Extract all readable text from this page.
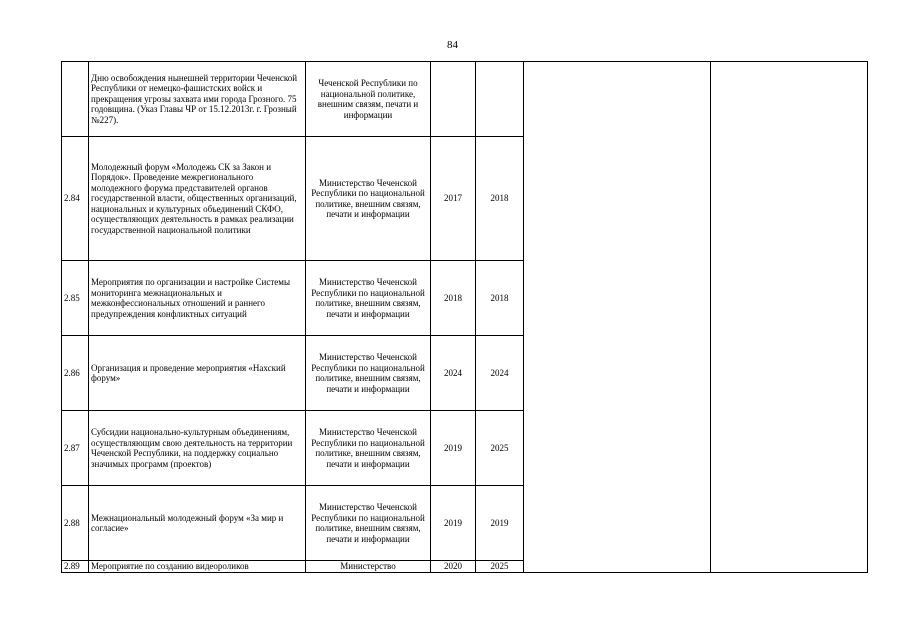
84
	Дню освобождения нынешней территории Чеченской Республики от немецко-фашистских войск и прекращения угрозы захвата ими города Грозного. 75 годовщина. (Указ Главы ЧР от 15.12.2013г. г. Грозный №227).	Чеченской Республики по национальной политике, внешним связям, печати и информации				
2.84	Молодежный форум «Молодежь СК за Закон и Порядок». Проведение межрегионального молодежного форума представителей органов государственной власти, общественных организаций, национальных и культурных объединений СКФО, осуществляющих деятельность в рамках реализации государственной национальной политики	Министерство Чеченской Республики по национальной политике, внешним связям, печати и информации	2017	2018		
2.85	Мероприятия по организации и настройке Системы мониторинга межнациональных и межконфессиональных отношений и раннего предупреждения конфликтных ситуаций	Министерство Чеченской Республики по национальной политике, внешним связям, печати и информации	2018	2018		
2.86	Организация и проведение мероприятия «Нахский форум»	Министерство Чеченской Республики по национальной политике, внешним связям, печати и информации	2024	2024		
2.87	Субсидии национально-культурным объединениям, осуществляющим свою деятельность на территории Чеченской Республики, на поддержку социально значимых программ (проектов)	Министерство Чеченской Республики по национальной политике, внешним связям, печати и информации	2019	2025		
2.88	Межнациональный молодежный форум «За мир и согласие»	Министерство Чеченской Республики по национальной политике, внешним связям, печати и информации	2019	2019		
2.89	Мероприятие по созданию видеороликов	Министерство	2020	2025		
